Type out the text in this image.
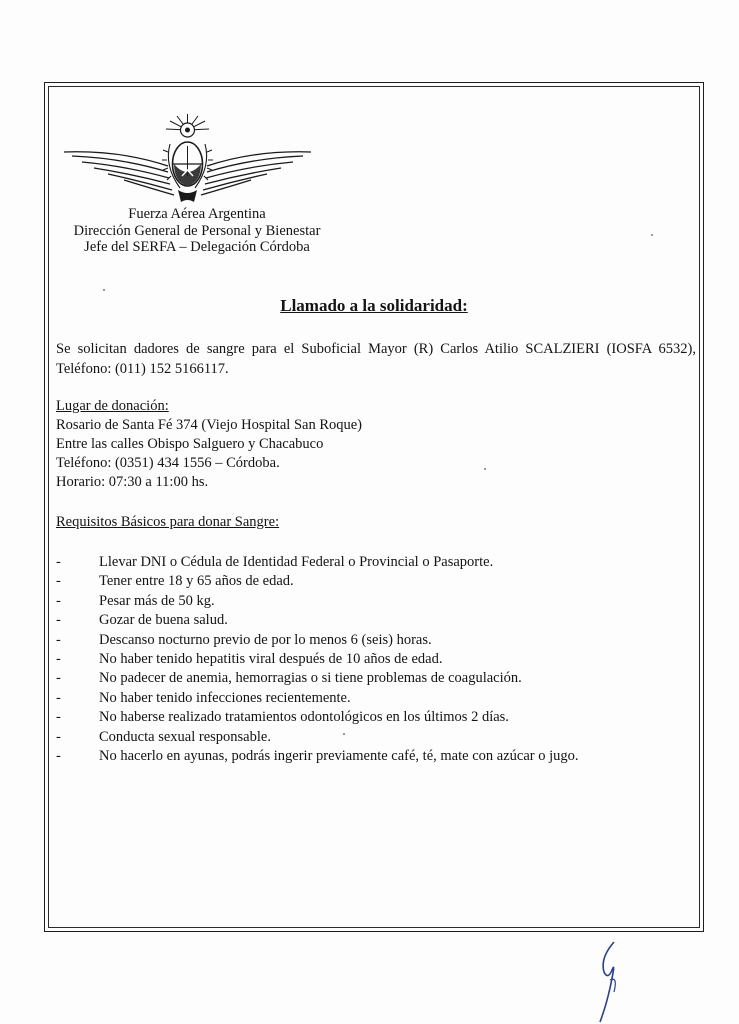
Fuerza Aérea Argentina
Dirección General de Personal y Bienestar
Jefe del SERFA – Delegación Córdoba
Llamado a la solidaridad:

Se solicitan dadores de sangre para el Suboficial Mayor (R) Carlos Atilio SCALZIERI (IOSFA 6532), Teléfono: (011) 152 5166117.

Lugar de donación:
Rosario de Santa Fé 374 (Viejo Hospital San Roque)
Entre las calles Obispo Salguero y Chacabuco
Teléfono: (0351) 434 1556 – Córdoba.
Horario: 07:30 a 11:00 hs.
Requisitos Básicos para donar Sangre:
-	Llevar DNI o Cédula de Identidad Federal o Provincial o Pasaporte.
-	Tener entre 18 y 65 años de edad.
-	Pesar más de 50 kg.
-	Gozar de buena salud.
-	Descanso nocturno previo de por lo menos 6 (seis) horas.
-	No haber tenido hepatitis viral después de 10 años de edad.
-	No padecer de anemia, hemorragias o si tiene problemas de coagulación.
-	No haber tenido infecciones recientemente.
-	No haberse realizado tratamientos odontológicos en los últimos 2 días.
-	Conducta sexual responsable.
-	No hacerlo en ayunas, podrás ingerir previamente café, té, mate con azúcar o jugo.
